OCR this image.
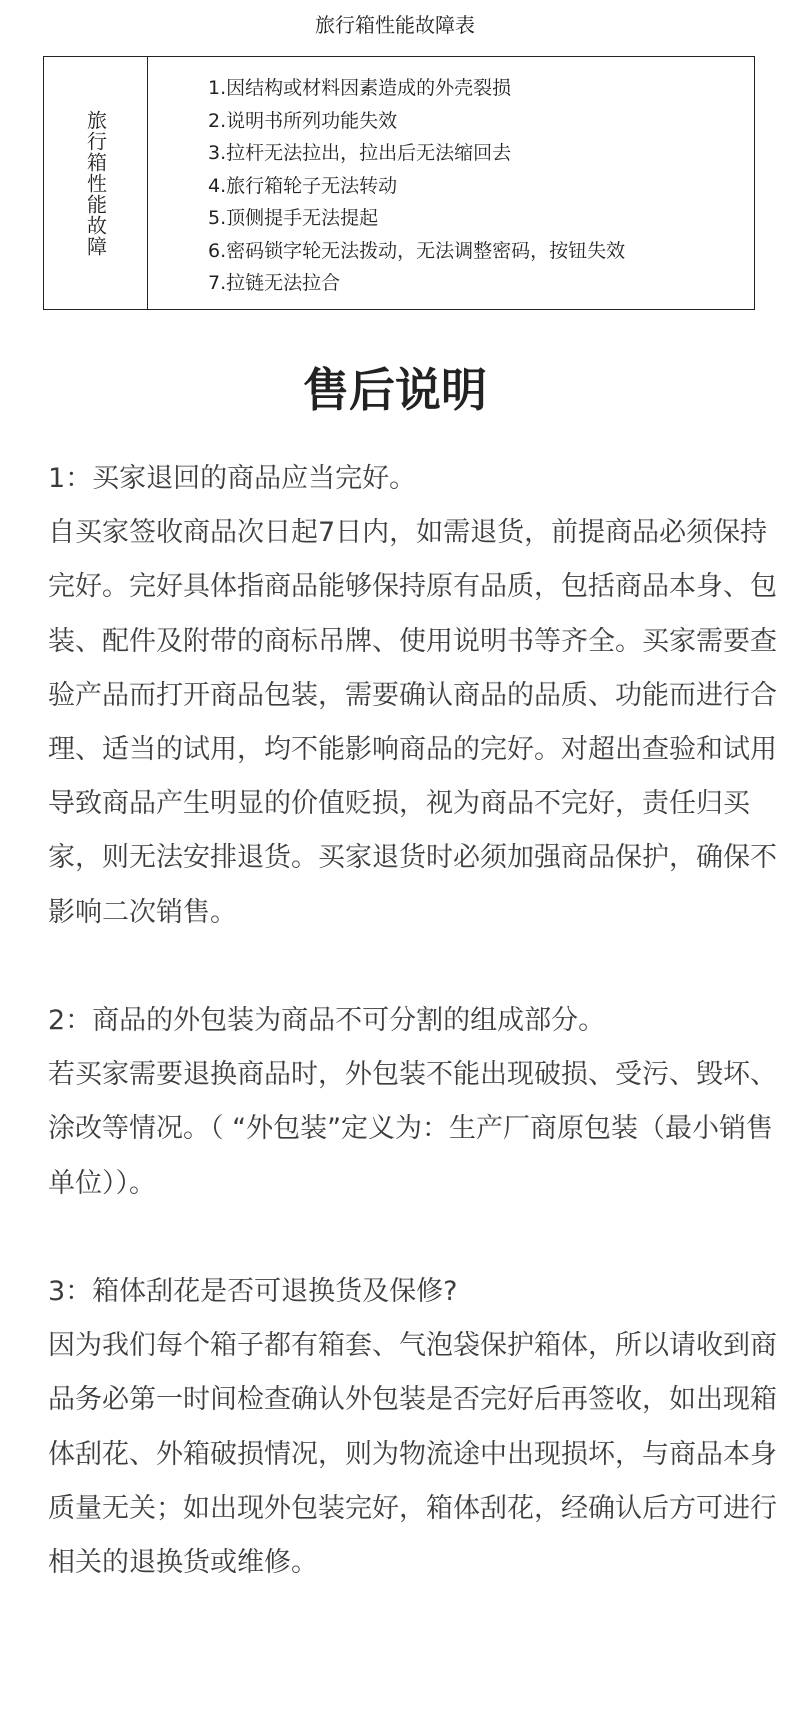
旅行箱性能故障表
旅行箱性能故障
1.因结构或材料因素造成的外壳裂损
2.说明书所列功能失效
3.拉杆无法拉出，拉出后无法缩回去
4.旅行箱轮子无法转动
5.顶侧提手无法提起
6.密码锁字轮无法拨动，无法调整密码，按钮失效
7.拉链无法拉合
售后说明

1：买家退回的商品应当完好。

自买家签收商品次日起7日内，如需退货，前提商品必须保持完好。完好具体指商品能够保持原有品质，包括商品本身、包装、配件及附带的商标吊牌、使用说明书等齐全。买家需要查验产品而打开商品包装，需要确认商品的品质、功能而进行合理、适当的试用，均不能影响商品的完好。对超出查验和试用导致商品产生明显的价值贬损，视为商品不完好，责任归买家，则无法安排退货。买家退货时必须加强商品保护，确保不影响二次销售。

2：商品的外包装为商品不可分割的组成部分。

若买家需要退换商品时，外包装不能出现破损、受污、毁坏、涂改等情况。（ “外包装”定义为：生产厂商原包装（最小销售单位））。

3：箱体刮花是否可退换货及保修?

因为我们每个箱子都有箱套、气泡袋保护箱体，所以请收到商品务必第一时间检查确认外包装是否完好后再签收，如出现箱体刮花、外箱破损情况，则为物流途中出现损坏，与商品本身质量无关；如出现外包装完好，箱体刮花，经确认后方可进行相关的退换货或维修。
